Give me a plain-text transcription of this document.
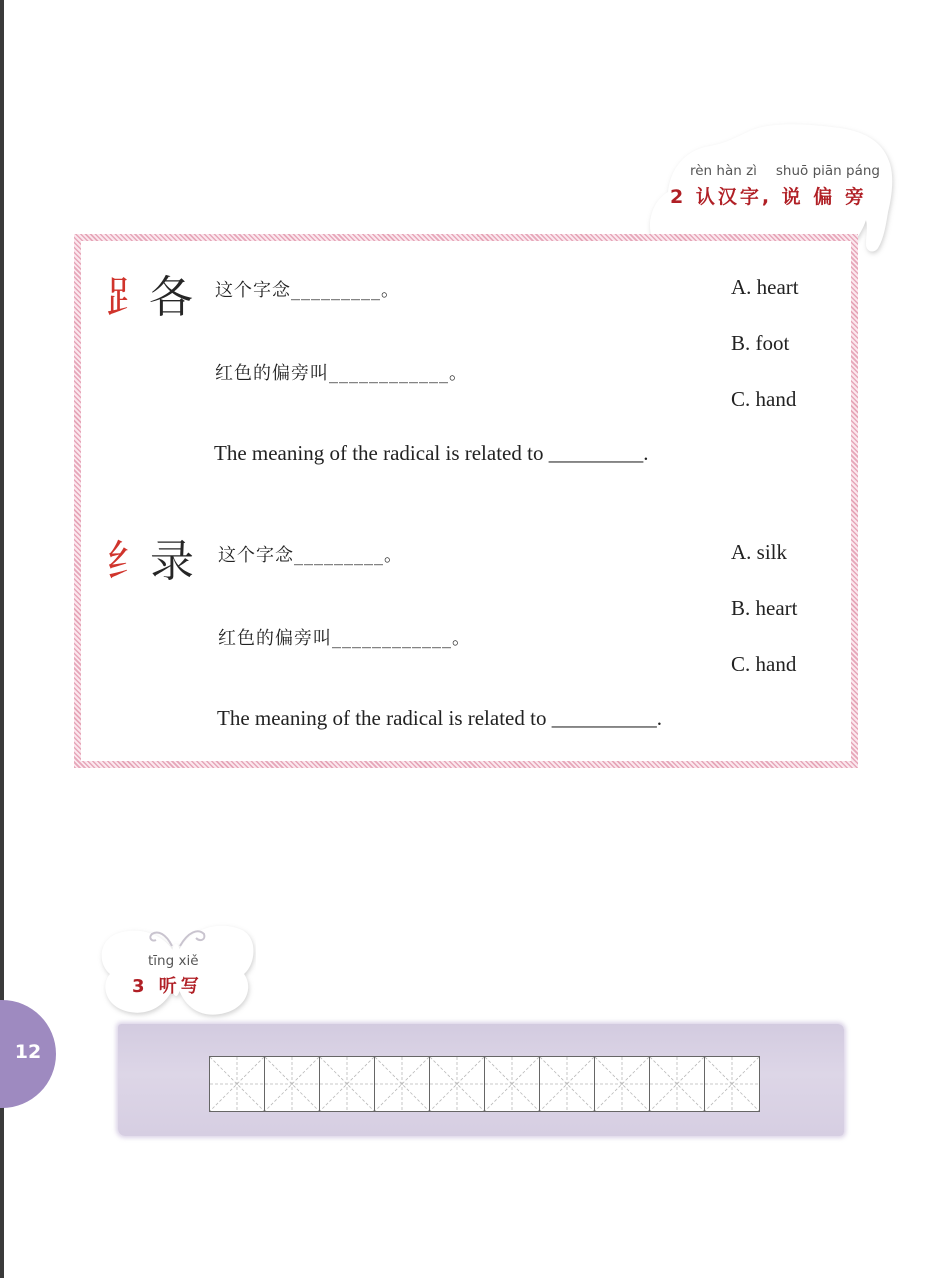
rèn hàn zì shuō piān páng
2 认汉字, 说 偏 旁
⻊各 这个字念_________。
红色的偏旁叫____________。
The meaning of the radical is related to _________.
A. heart
B. foot
C. hand
纟录 这个字念_________。
红色的偏旁叫____________。
The meaning of the radical is related to __________.
A. silk
B. heart
C. hand
tīng xiě
3 听写
12
